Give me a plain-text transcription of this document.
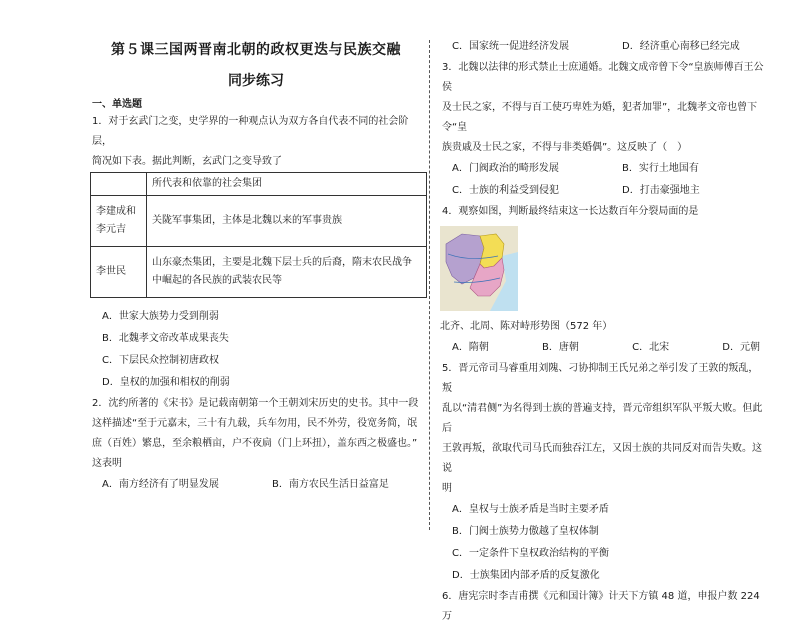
第５课三国两晋南北朝的政权更迭与民族交融
同步练习
一、单选题
1．对于玄武门之变，史学界的一种观点认为双方各自代表不同的社会阶层，
简况如下表。据此判断，玄武门之变导致了
	所代表和依靠的社会集团
李建成和李元吉	关陇军事集团，主体是北魏以来的军事贵族
李世民	山东豪杰集团，主要是北魏下层士兵的后裔，隋末农民战争中崛起的各民族的武装农民等
A．世家大族势力受到削弱
B．北魏孝文帝改革成果丧失
C．下层民众控制初唐政权
D．皇权的加强和相权的削弱
2．沈约所著的《宋书》是记载南朝第一个王朝刘宋历史的史书。其中一段
这样描述“至于元嘉末，三十有九载，兵车勿用，民不外劳，役宽务简，氓
庶（百姓）繁息，至余粮栖亩，户不夜扃（门上环扭），盖东西之极盛也。”
这表明
A．南方经济有了明显发展	B．南方农民生活日益富足
C．国家统一促进经济发展	D．经济重心南移已经完成
3．北魏以法律的形式禁止士庶通婚。北魏文成帝曾下令“皇族师傅百王公侯
及士民之家，不得与百工使巧卑姓为婚，犯者加罪”，北魏孝文帝也曾下令“皇
族贵戚及士民之家，不得与非类婚偶”。这反映了（　）
A．门阀政治的畸形发展	B．实行土地国有
C．士族的利益受到侵犯	D．打击豪强地主
4．观察如图，判断最终结束这一长达数百年分裂局面的是
北齐、北周、陈对峙形势图（572 年）
A．隋朝	B．唐朝	C．北宋	D．元朝
5．晋元帝司马睿重用刘隗、刁协抑制王氏兄弟之举引发了王敦的叛乱，叛
乱以“清君侧”为名得到士族的普遍支持，晋元帝组织军队平叛大败。但此后
王敦再叛，欲取代司马氏而独吞江左，又因士族的共同反对而告失败。这说
明
A．皇权与士族矛盾是当时主要矛盾
B．门阀士族势力傲越了皇权体制
C．一定条件下皇权政治结构的平衡
D．士族集团内部矛盾的反复激化
6．唐宪宗时李吉甫撰《元和国计簿》计天下方镇 48 道，申报户数 224 万
